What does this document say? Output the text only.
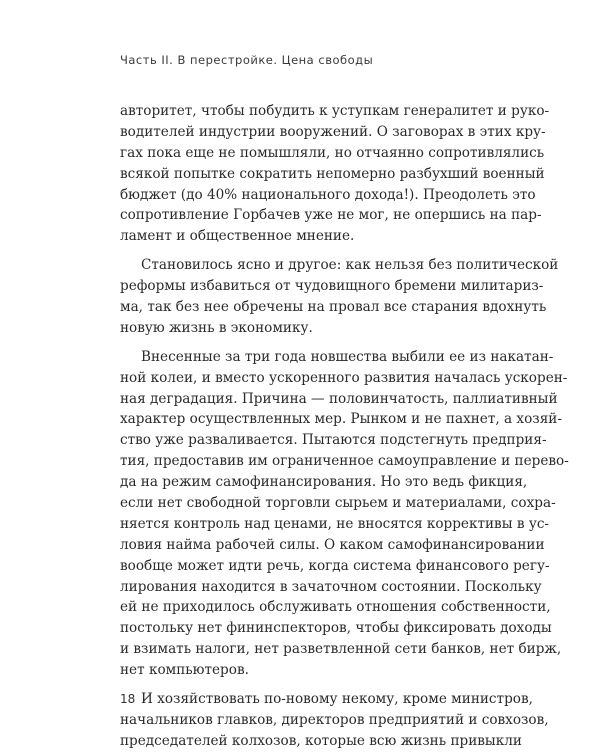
Часть II. В перестройке. Цена свободы
авторитет, чтобы побудить к уступкам генералитет и руко-
водителей индустрии вооружений. О заговорах в этих кру-
гах пока еще не помышляли, но отчаянно сопротивлялись
всякой попытке сократить непомерно разбухший военный
бюджет (до 40% национального дохода!). Преодолеть это
сопротивление Горбачев уже не мог, не опершись на пар-
ламент и общественное мнение.
Становилось ясно и другое: как нельзя без политической
реформы избавиться от чудовищного бремени милитариз-
ма, так без нее обречены на провал все старания вдохнуть
новую жизнь в экономику.
Внесенные за три года новшества выбили ее из накатан-
ной колеи, и вместо ускоренного развития началась ускорен-
ная деградация. Причина — половинчатость, паллиативный
характер осуществленных мер. Рынком и не пахнет, а хозяй-
ство уже разваливается. Пытаются подстегнуть предприя-
тия, предоставив им ограниченное самоуправление и перево-
да на режим самофинансирования. Но это ведь фикция,
если нет свободной торговли сырьем и материалами, сохра-
няется контроль над ценами, не вносятся коррективы в ус-
ловия найма рабочей силы. О каком самофинансировании
вообще может идти речь, когда система финансового регу-
лирования находится в зачаточном состоянии. Поскольку
ей не приходилось обслуживать отношения собственности,
постольку нет фининспекторов, чтобы фиксировать доходы
и взимать налоги, нет разветвленной сети банков, нет бирж,
нет компьютеров.
И хозяйствовать по-новому некому, кроме министров,
начальников главков, директоров предприятий и совхозов,
председателей колхозов, которые всю жизнь привыкли
18
